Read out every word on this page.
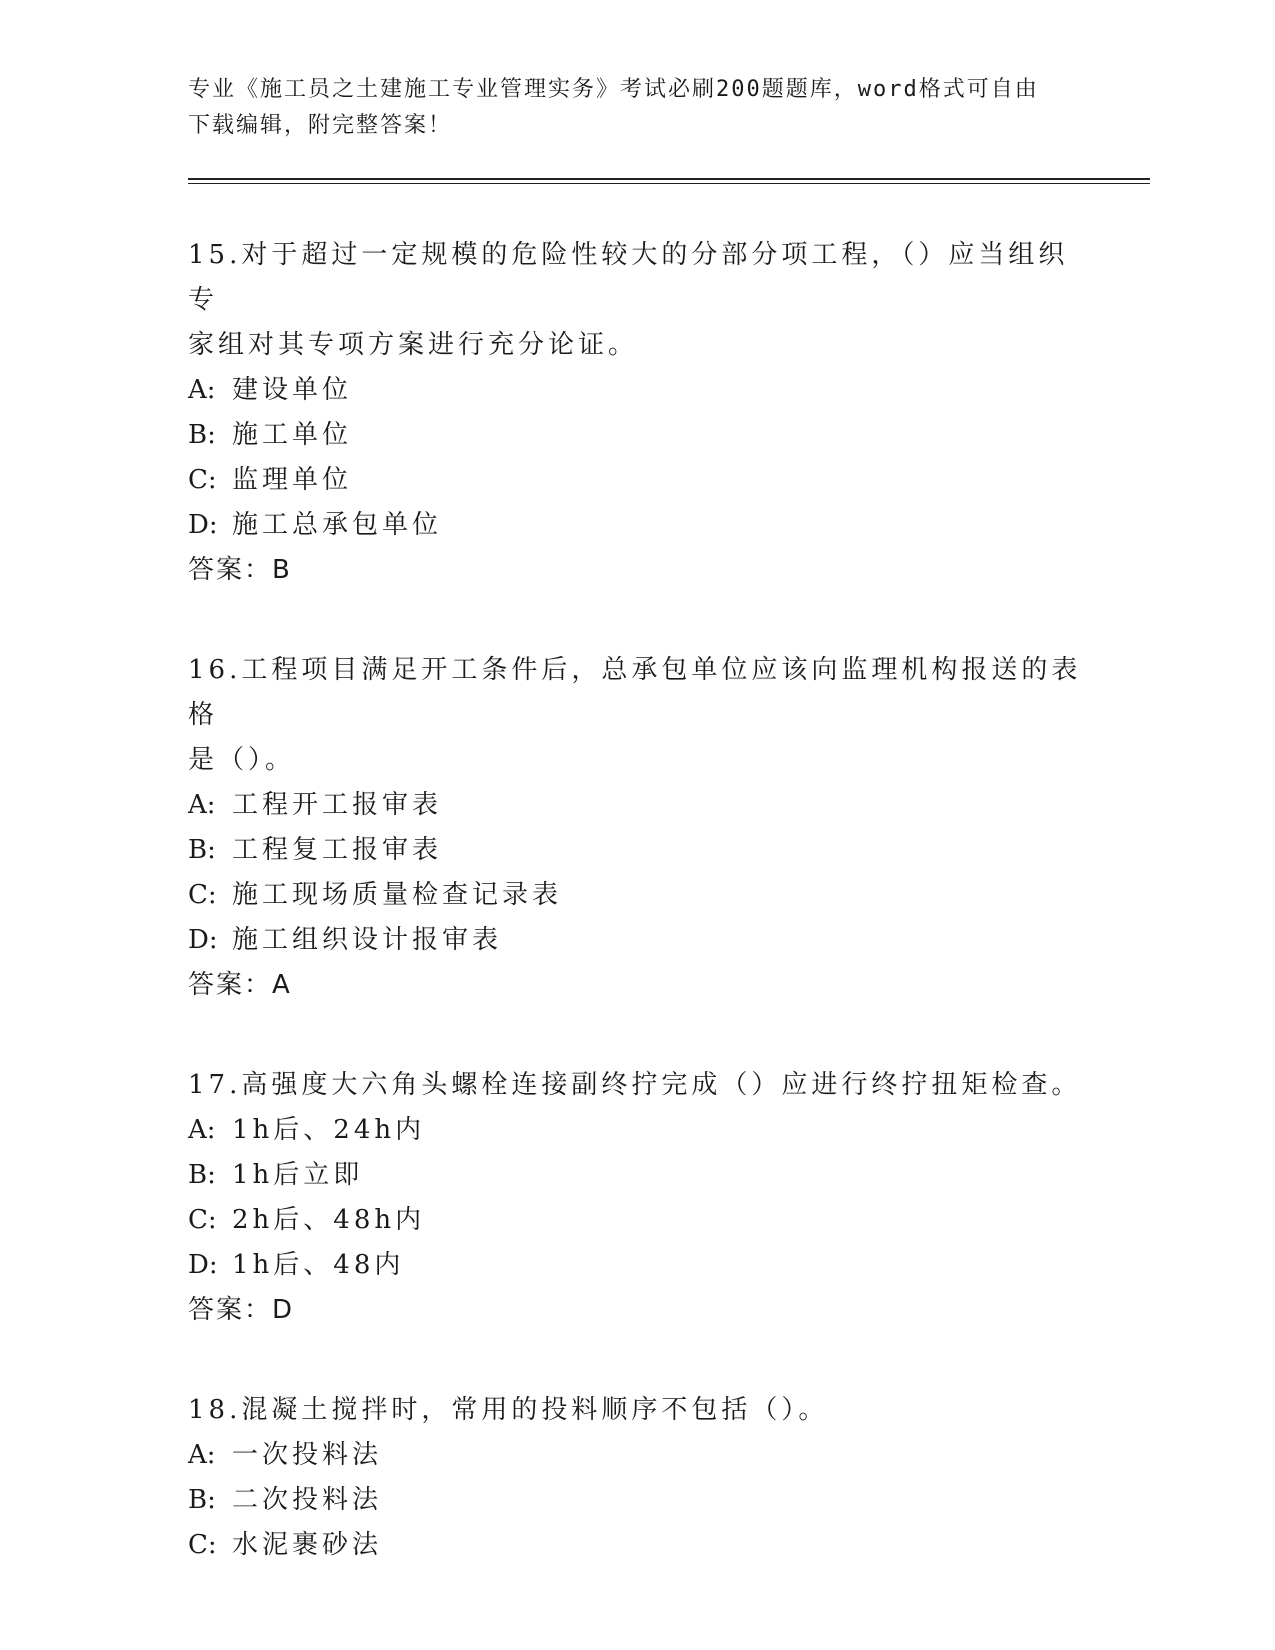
专业《施工员之土建施工专业管理实务》考试必刷200题题库，word格式可自由
下载编辑，附完整答案！

15.对于超过一定规模的危险性较大的分部分项工程，（）应当组织专

家组对其专项方案进行充分论证。

A: 建设单位
B: 施工单位
C: 监理单位
D: 施工总承包单位

答案：B

16.工程项目满足开工条件后，总承包单位应该向监理机构报送的表格

是（）。

A: 工程开工报审表
B: 工程复工报审表
C: 施工现场质量检查记录表
D: 施工组织设计报审表

答案：A

17.高强度大六角头螺栓连接副终拧完成（）应进行终拧扭矩检查。

A: 1h后、24h内
B: 1h后立即
C: 2h后、48h内
D: 1h后、48内

答案：D

18.混凝土搅拌时，常用的投料顺序不包括（）。

A: 一次投料法
B: 二次投料法
C: 水泥裹砂法
